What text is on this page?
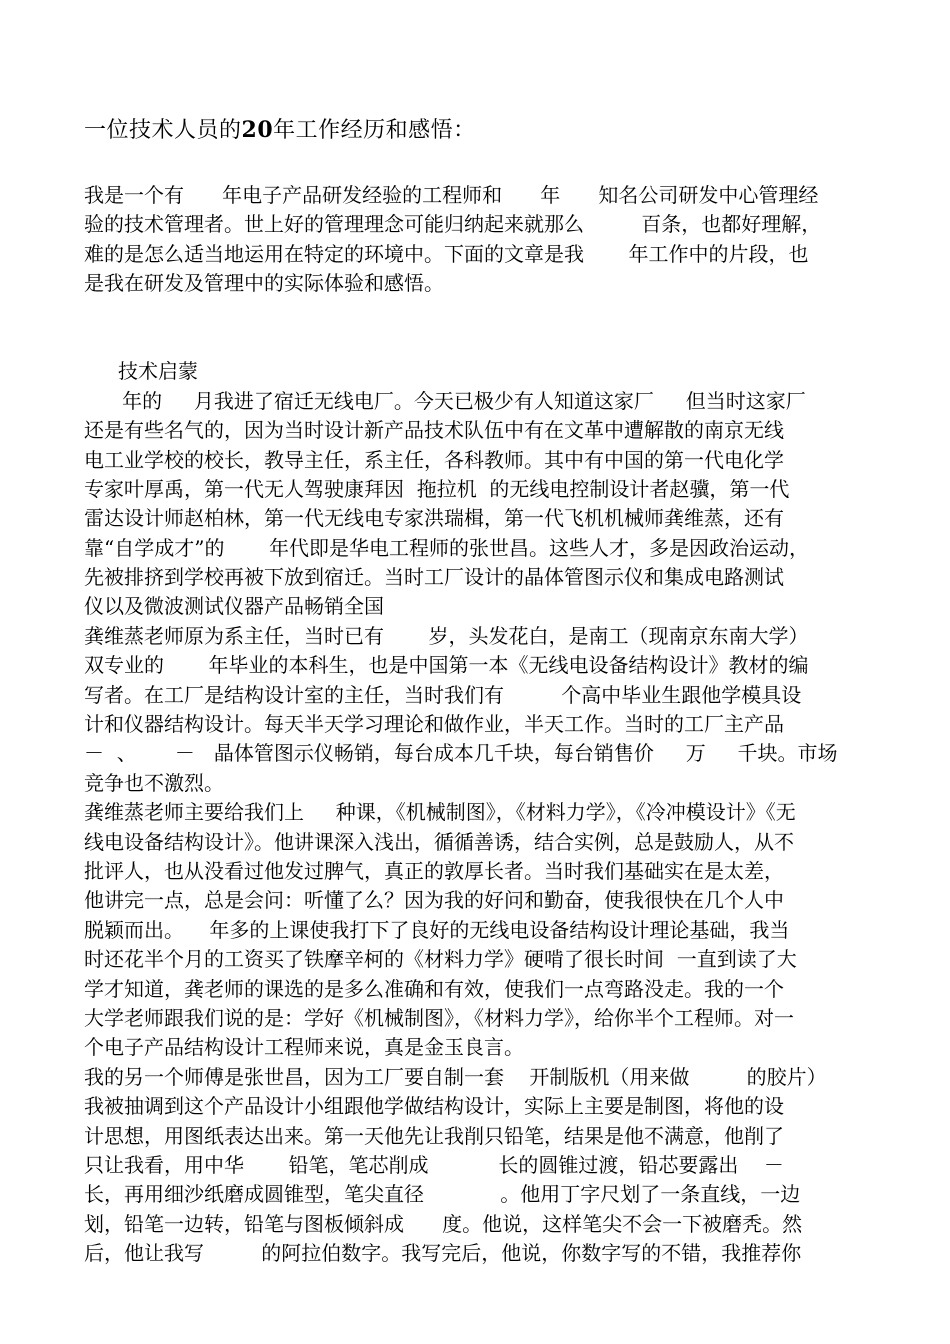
一位技术人员的20年工作经历和感悟：
我是一个有      年电子产品研发经验的工程师和      年      知名公司研发中心管理经
验的技术管理者。世上好的管理理念可能归纳起来就那么         百条，也都好理解，
难的是怎么适当地运用在特定的环境中。下面的文章是我       年工作中的片段，也
是我在研发及管理中的实际体验和感悟。
技术启蒙
年的     月我进了宿迁无线电厂。今天已极少有人知道这家厂     但当时这家厂
还是有些名气的，因为当时设计新产品技术队伍中有在文革中遭解散的南京无线
电工业学校的校长，教导主任，系主任，各科教师。其中有中国的第一代电化学
专家叶厚禹，第一代无人驾驶康拜因  拖拉机  的无线电控制设计者赵骥，第一代
雷达设计师赵柏林，第一代无线电专家洪瑞楫，第一代飞机机械师龚维蒸，还有
靠“自学成才”的       年代即是华电工程师的张世昌。这些人才，多是因政治运动，
先被排挤到学校再被下放到宿迁。当时工厂设计的晶体管图示仪和集成电路测试
仪以及微波测试仪器产品畅销全国
龚维蒸老师原为系主任，当时已有       岁，头发花白，是南工（现南京东南大学）
双专业的       年毕业的本科生，也是中国第一本《无线电设备结构设计》教材的编
写者。在工厂是结构设计室的主任，当时我们有         个高中毕业生跟他学模具设
计和仪器结构设计。每天半天学习理论和做作业，半天工作。当时的工厂主产品
－  、      －   晶体管图示仪畅销，每台成本几千块，每台销售价     万     千块。市场
竞争也不激烈。
龚维蒸老师主要给我们上     种课，《机械制图》，《材料力学》，《冷冲模设计》《无
线电设备结构设计》。他讲课深入浅出，循循善诱，结合实例，总是鼓励人，从不
批评人，也从没看过他发过脾气，真正的敦厚长者。当时我们基础实在是太差，
他讲完一点，总是会问：听懂了么？因为我的好问和勤奋，使我很快在几个人中
脱颖而出。    年多的上课使我打下了良好的无线电设备结构设计理论基础，我当
时还花半个月的工资买了铁摩辛柯的《材料力学》硬啃了很长时间  一直到读了大
学才知道，龚老师的课选的是多么准确和有效，使我们一点弯路没走。我的一个
大学老师跟我们说的是：学好《机械制图》，《材料力学》，给你半个工程师。对一
个电子产品结构设计工程师来说，真是金玉良言。
我的另一个师傅是张世昌，因为工厂要自制一套    开制版机（用来做         的胶片）
我被抽调到这个产品设计小组跟他学做结构设计，实际上主要是制图，将他的设
计思想，用图纸表达出来。第一天他先让我削只铅笔，结果是他不满意，他削了
只让我看，用中华       铅笔，笔芯削成           长的圆锥过渡，铅芯要露出    －
长，再用细沙纸磨成圆锥型，笔尖直径            。他用丁字尺划了一条直线，一边
划，铅笔一边转，铅笔与图板倾斜成      度。他说，这样笔尖不会一下被磨秃。然
后，他让我写         的阿拉伯数字。我写完后，他说，你数字写的不错，我推荐你
